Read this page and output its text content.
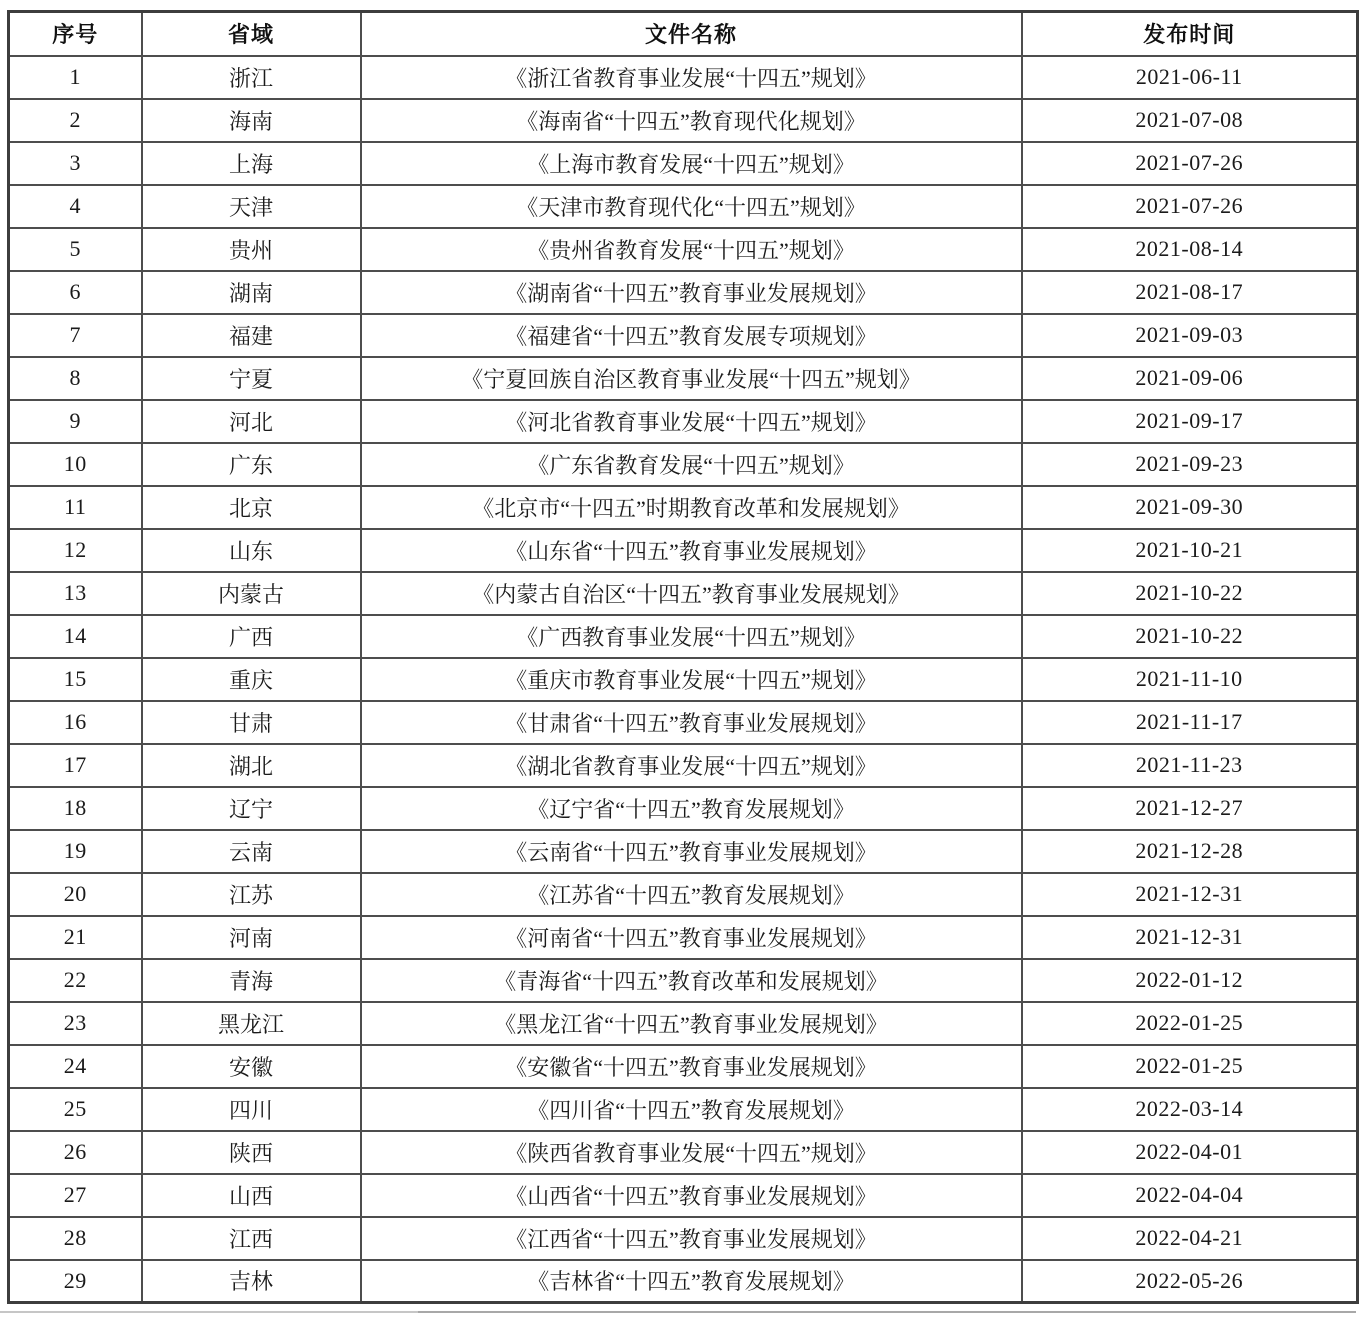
序号	省域	文件名称	发布时间
1	浙江	《浙江省教育事业发展“十四五”规划》	2021-06-11
2	海南	《海南省“十四五”教育现代化规划》	2021-07-08
3	上海	《上海市教育发展“十四五”规划》	2021-07-26
4	天津	《天津市教育现代化“十四五”规划》	2021-07-26
5	贵州	《贵州省教育发展“十四五”规划》	2021-08-14
6	湖南	《湖南省“十四五”教育事业发展规划》	2021-08-17
7	福建	《福建省“十四五”教育发展专项规划》	2021-09-03
8	宁夏	《宁夏回族自治区教育事业发展“十四五”规划》	2021-09-06
9	河北	《河北省教育事业发展“十四五”规划》	2021-09-17
10	广东	《广东省教育发展“十四五”规划》	2021-09-23
11	北京	《北京市“十四五”时期教育改革和发展规划》	2021-09-30
12	山东	《山东省“十四五”教育事业发展规划》	2021-10-21
13	内蒙古	《内蒙古自治区“十四五”教育事业发展规划》	2021-10-22
14	广西	《广西教育事业发展“十四五”规划》	2021-10-22
15	重庆	《重庆市教育事业发展“十四五”规划》	2021-11-10
16	甘肃	《甘肃省“十四五”教育事业发展规划》	2021-11-17
17	湖北	《湖北省教育事业发展“十四五”规划》	2021-11-23
18	辽宁	《辽宁省“十四五”教育发展规划》	2021-12-27
19	云南	《云南省“十四五”教育事业发展规划》	2021-12-28
20	江苏	《江苏省“十四五”教育发展规划》	2021-12-31
21	河南	《河南省“十四五”教育事业发展规划》	2021-12-31
22	青海	《青海省“十四五”教育改革和发展规划》	2022-01-12
23	黑龙江	《黑龙江省“十四五”教育事业发展规划》	2022-01-25
24	安徽	《安徽省“十四五”教育事业发展规划》	2022-01-25
25	四川	《四川省“十四五”教育发展规划》	2022-03-14
26	陕西	《陕西省教育事业发展“十四五”规划》	2022-04-01
27	山西	《山西省“十四五”教育事业发展规划》	2022-04-04
28	江西	《江西省“十四五”教育事业发展规划》	2022-04-21
29	吉林	《吉林省“十四五”教育发展规划》	2022-05-26
